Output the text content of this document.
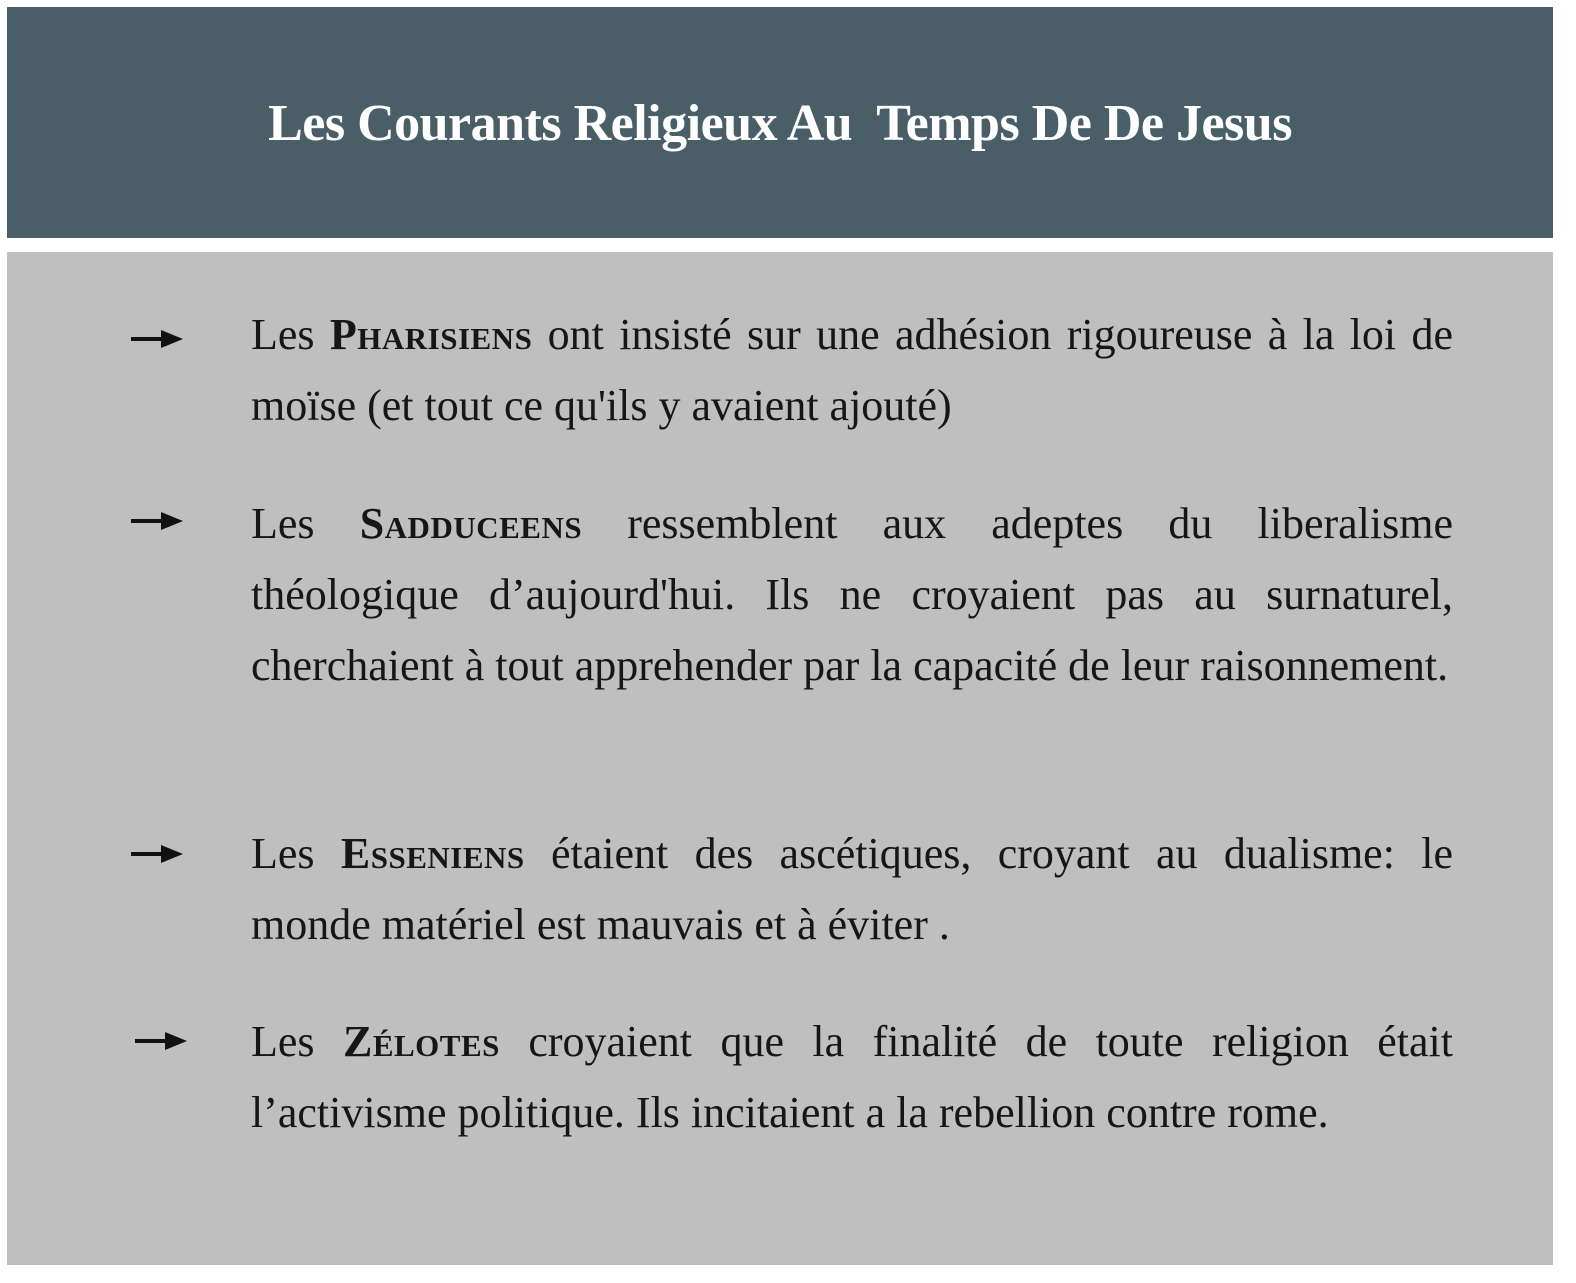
Les Courants Religieux Au  Temps De De Jesus

Les Pharisiens ont insisté sur une adhésion rigoureuse à la loi de moïse (et tout ce qu'ils y avaient ajouté)

Les Sadduceens ressemblent aux adeptes du liberalisme théologique d’aujourd'hui. Ils ne croyaient pas au surnaturel, cherchaient à tout apprehender par la capacité de leur raisonnement.

Les Esseniens étaient des ascétiques, croyant au dualisme: le monde matériel est mauvais et à éviter .

Les Zélotes croyaient que la finalité de toute religion était l’activisme politique. Ils incitaient a la rebellion contre rome.
